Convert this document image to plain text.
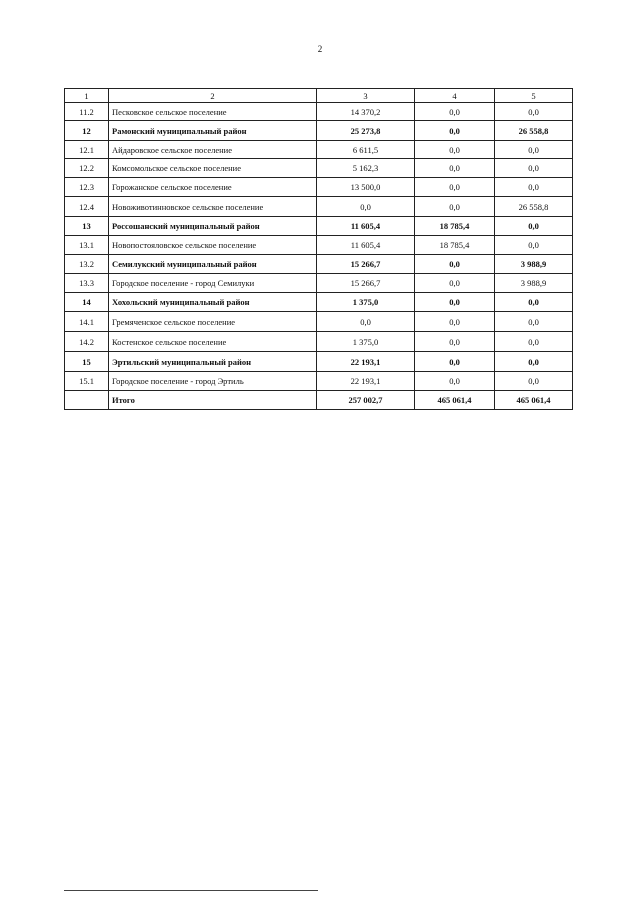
2
1	2	3	4	5
11.2	Песковское сельское поселение	14 370,2	0,0	0,0
12	Рамонский муниципальный район	25 273,8	0,0	26 558,8
12.1	Айдаровское сельское поселение	6 611,5	0,0	0,0
12.2	Комсомольское сельское поселение	5 162,3	0,0	0,0
12.3	Горожанское сельское поселение	13 500,0	0,0	0,0
12.4	Новоживотинновское сельское поселение	0,0	0,0	26 558,8
13	Россошанский муниципальный район	11 605,4	18 785,4	0,0
13.1	Новопостояловское сельское поселение	11 605,4	18 785,4	0,0
13.2	Семилукский муниципальный район	15 266,7	0,0	3 988,9
13.3	Городское поселение - город Семилуки	15 266,7	0,0	3 988,9
14	Хохольский муниципальный район	1 375,0	0,0	0,0
14.1	Гремяченское сельское поселение	0,0	0,0	0,0
14.2	Костенское сельское поселение	1 375,0	0,0	0,0
15	Эртильский муниципальный район	22 193,1	0,0	0,0
15.1	Городское поселение - город Эртиль	22 193,1	0,0	0,0
	Итого	257 002,7	465 061,4	465 061,4
